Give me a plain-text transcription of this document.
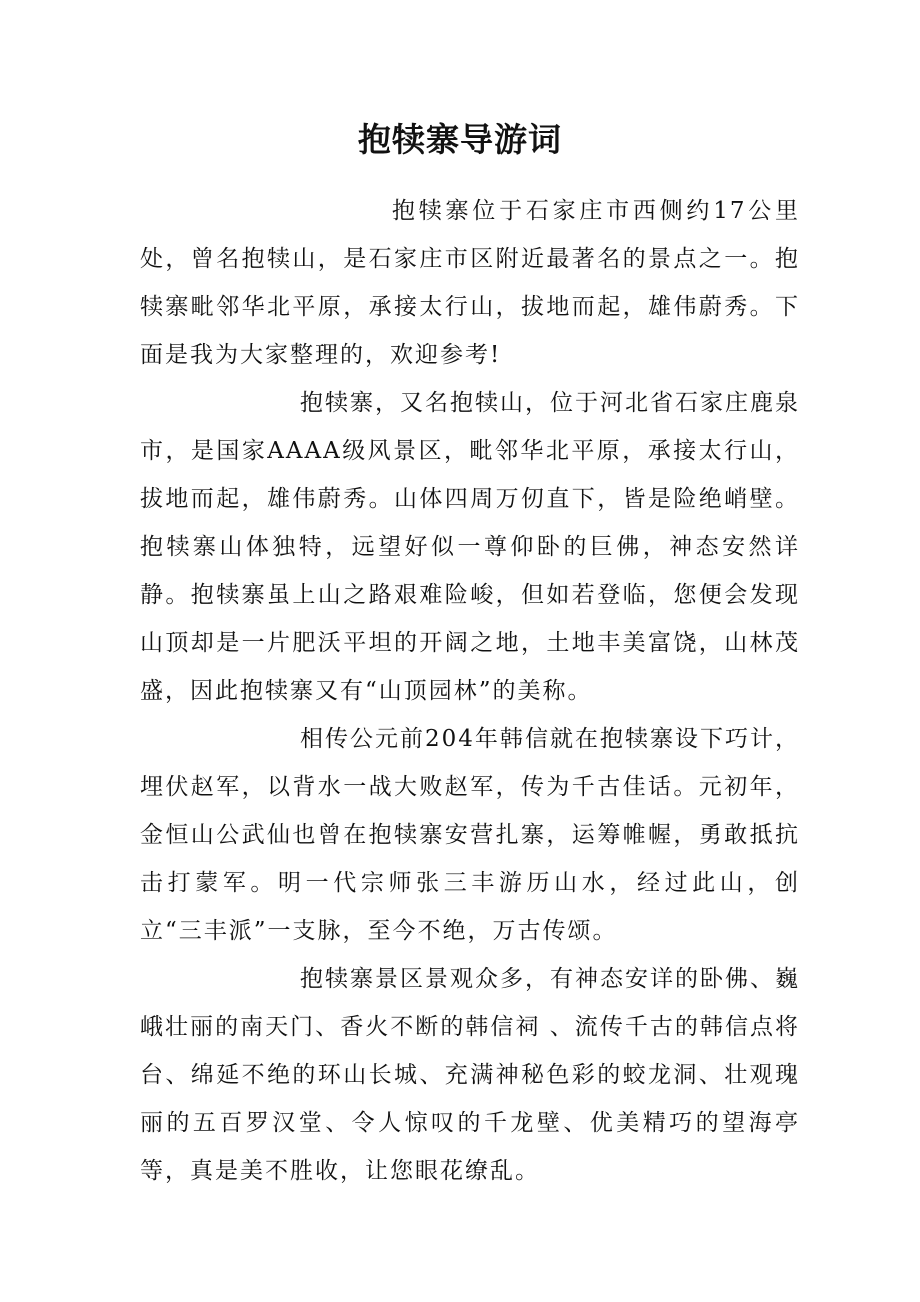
抱犊寨导游词

抱犊寨位于石家庄市西侧约17公里处，曾名抱犊山，是石家庄市区附近最著名的景点之一。抱犊寨毗邻华北平原，承接太行山，拔地而起，雄伟蔚秀。下面是我为大家整理的，欢迎参考!

抱犊寨，又名抱犊山，位于河北省石家庄鹿泉市，是国家AAAA级风景区，毗邻华北平原，承接太行山，拔地而起，雄伟蔚秀。山体四周万仞直下，皆是险绝峭壁。抱犊寨山体独特，远望好似一尊仰卧的巨佛，神态安然详静。抱犊寨虽上山之路艰难险峻，但如若登临，您便会发现山顶却是一片肥沃平坦的开阔之地，土地丰美富饶，山林茂盛，因此抱犊寨又有“山顶园林”的美称。

相传公元前204年韩信就在抱犊寨设下巧计，埋伏赵军，以背水一战大败赵军，传为千古佳话。元初年，金恒山公武仙也曾在抱犊寨安营扎寨，运筹帷幄，勇敢抵抗击打蒙军。明一代宗师张三丰游历山水，经过此山，创立“三丰派”一支脉，至今不绝，万古传颂。

抱犊寨景区景观众多，有神态安详的卧佛、巍峨壮丽的南天门、香火不断的韩信祠 、流传千古的韩信点将台、绵延不绝的环山长城、充满神秘色彩的蛟龙洞、壮观瑰丽的五百罗汉堂、令人惊叹的千龙壁、优美精巧的望海亭等，真是美不胜收，让您眼花缭乱。
